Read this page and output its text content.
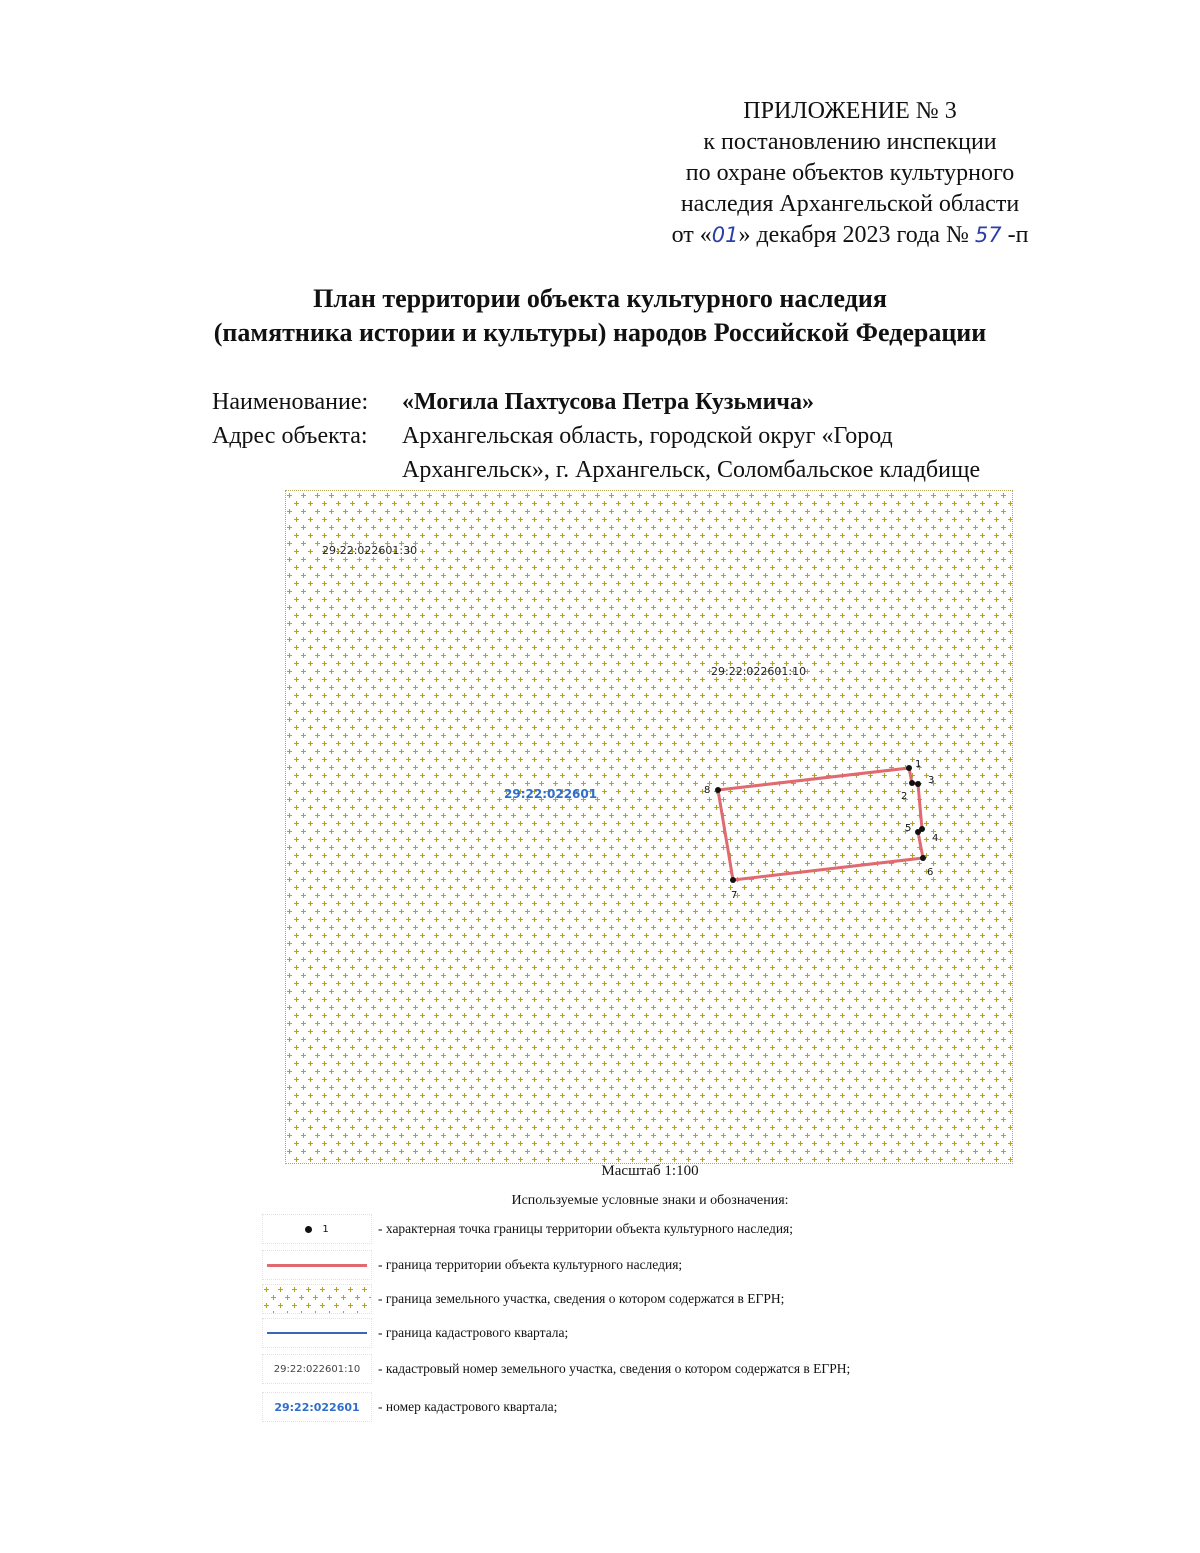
ПРИЛОЖЕНИЕ № 3
к постановлению инспекции
по охране объектов культурного
наследия Архангельской области
от «01» декабря 2023 года № 57 -п
План территории объекта культурного наследия
(памятника истории и культуры) народов Российской Федерации
Наименование:	«Могила Пахтусова Петра Кузьмича»
Адрес объекта:	Архангельская область, городской округ «Город
Архангельск», г. Архангельск, Соломбальское кладбище
29:22:022601:30
29:22:022601:10
29:22:022601
1
2
3
4
5
6
7
8
Масштаб 1:100
Используемые условные знаки и обозначения:
1	- характерная точка границы территории объекта культурного наследия;
- граница территории объекта культурного наследия;
- граница земельного участка, сведения о котором содержатся в ЕГРН;
- граница кадастрового квартала;
29:22:022601:10	- кадастровый номер земельного участка, сведения о котором содержатся в ЕГРН;
29:22:022601	- номер кадастрового квартала;
